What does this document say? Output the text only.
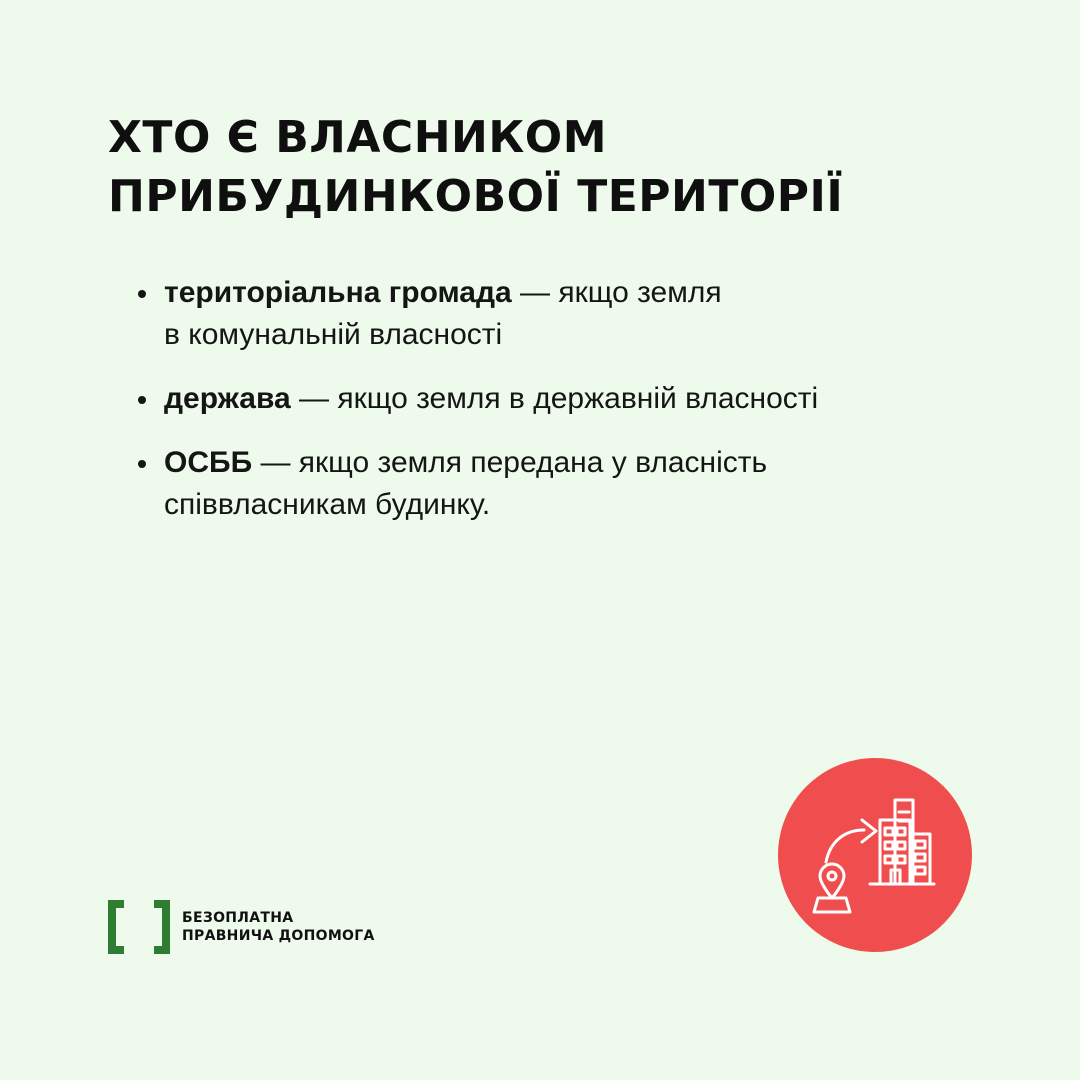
ХТО Є ВЛАСНИКОМ
ПРИБУДИНКОВОЇ ТЕРИТОРІЇ
територіальна громада — якщо земля
в комунальній власності
держава — якщо земля в державній власності
ОСББ — якщо земля передана у власність
співвласникам будинку.
БЕЗОПЛАТНА
ПРАВНИЧА ДОПОМОГА
